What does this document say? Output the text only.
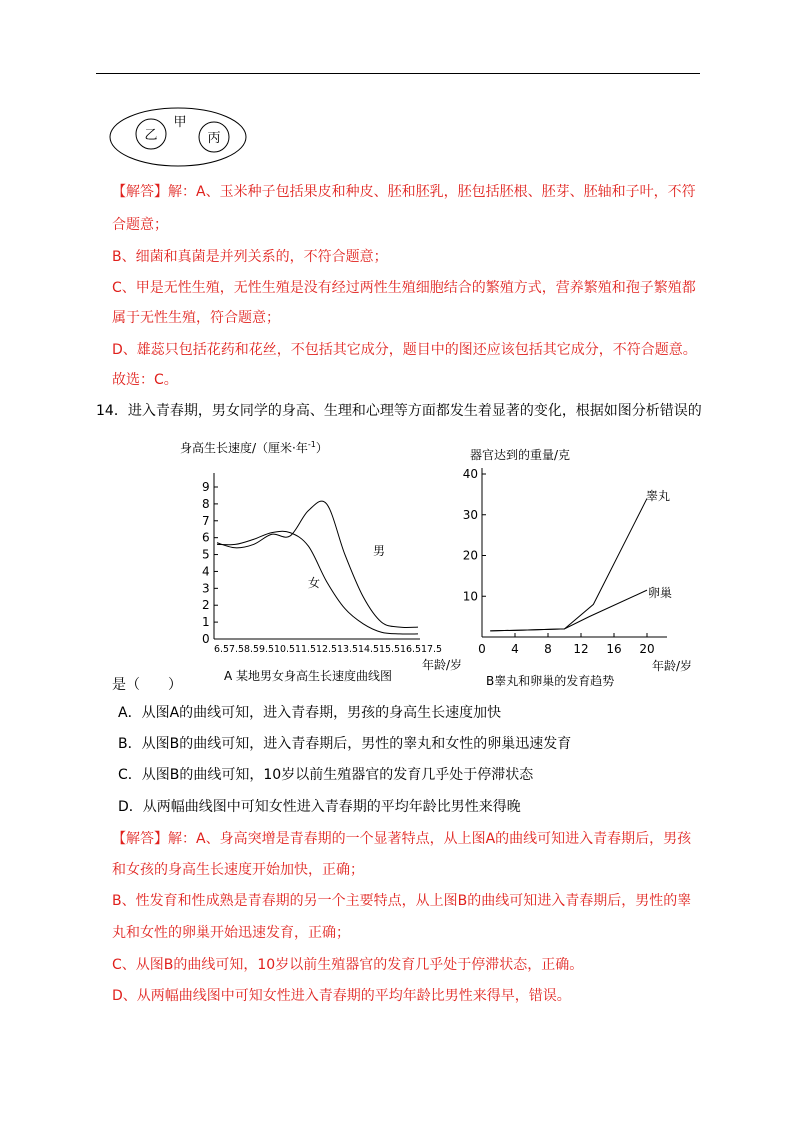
甲
乙	丙
【解答】解：A、玉米种子包括果皮和种皮、胚和胚乳，胚包括胚根、胚芽、胚轴和子叶，不符
合题意；
B、细菌和真菌是并列关系的，不符合题意；
C、甲是无性生殖，无性生殖是没有经过两性生殖细胞结合的繁殖方式，营养繁殖和孢子繁殖都
属于无性生殖，符合题意；
D、雄蕊只包括花药和花丝，不包括其它成分，题目中的图还应该包括其它成分，不符合题意。
故选：C。
14．进入青春期，男女同学的身高、生理和心理等方面都发生着显著的变化，根据如图分析错误的
身高生长速度/（厘米·年$^{-1}$）
0
1
2
3
4
5
6
7
8
9
6.57.58.59.510.511.512.513.514.515.516.517.5
年龄/岁
A 某地男女身高生长速度曲线图
男
女
器官达到的重量/克
0 4 8 12 16 20
10
20
30
40
年龄/岁
B睾丸和卵巢的发育趋势
睾丸
卵巢
是（　　）
A．从图A的曲线可知，进入青春期，男孩的身高生长速度加快
B．从图B的曲线可知，进入青春期后，男性的睾丸和女性的卵巢迅速发育
C．从图B的曲线可知，10岁以前生殖器官的发育几乎处于停滞状态
D．从两幅曲线图中可知女性进入青春期的平均年龄比男性来得晚
【解答】解：A、身高突增是青春期的一个显著特点，从上图A的曲线可知进入青春期后，男孩
和女孩的身高生长速度开始加快，正确；
B、性发育和性成熟是青春期的另一个主要特点，从上图B的曲线可知进入青春期后，男性的睾
丸和女性的卵巢开始迅速发育，正确；
C、从图B的曲线可知，10岁以前生殖器官的发育几乎处于停滞状态，正确。
D、从两幅曲线图中可知女性进入青春期的平均年龄比男性来得早，错误。
